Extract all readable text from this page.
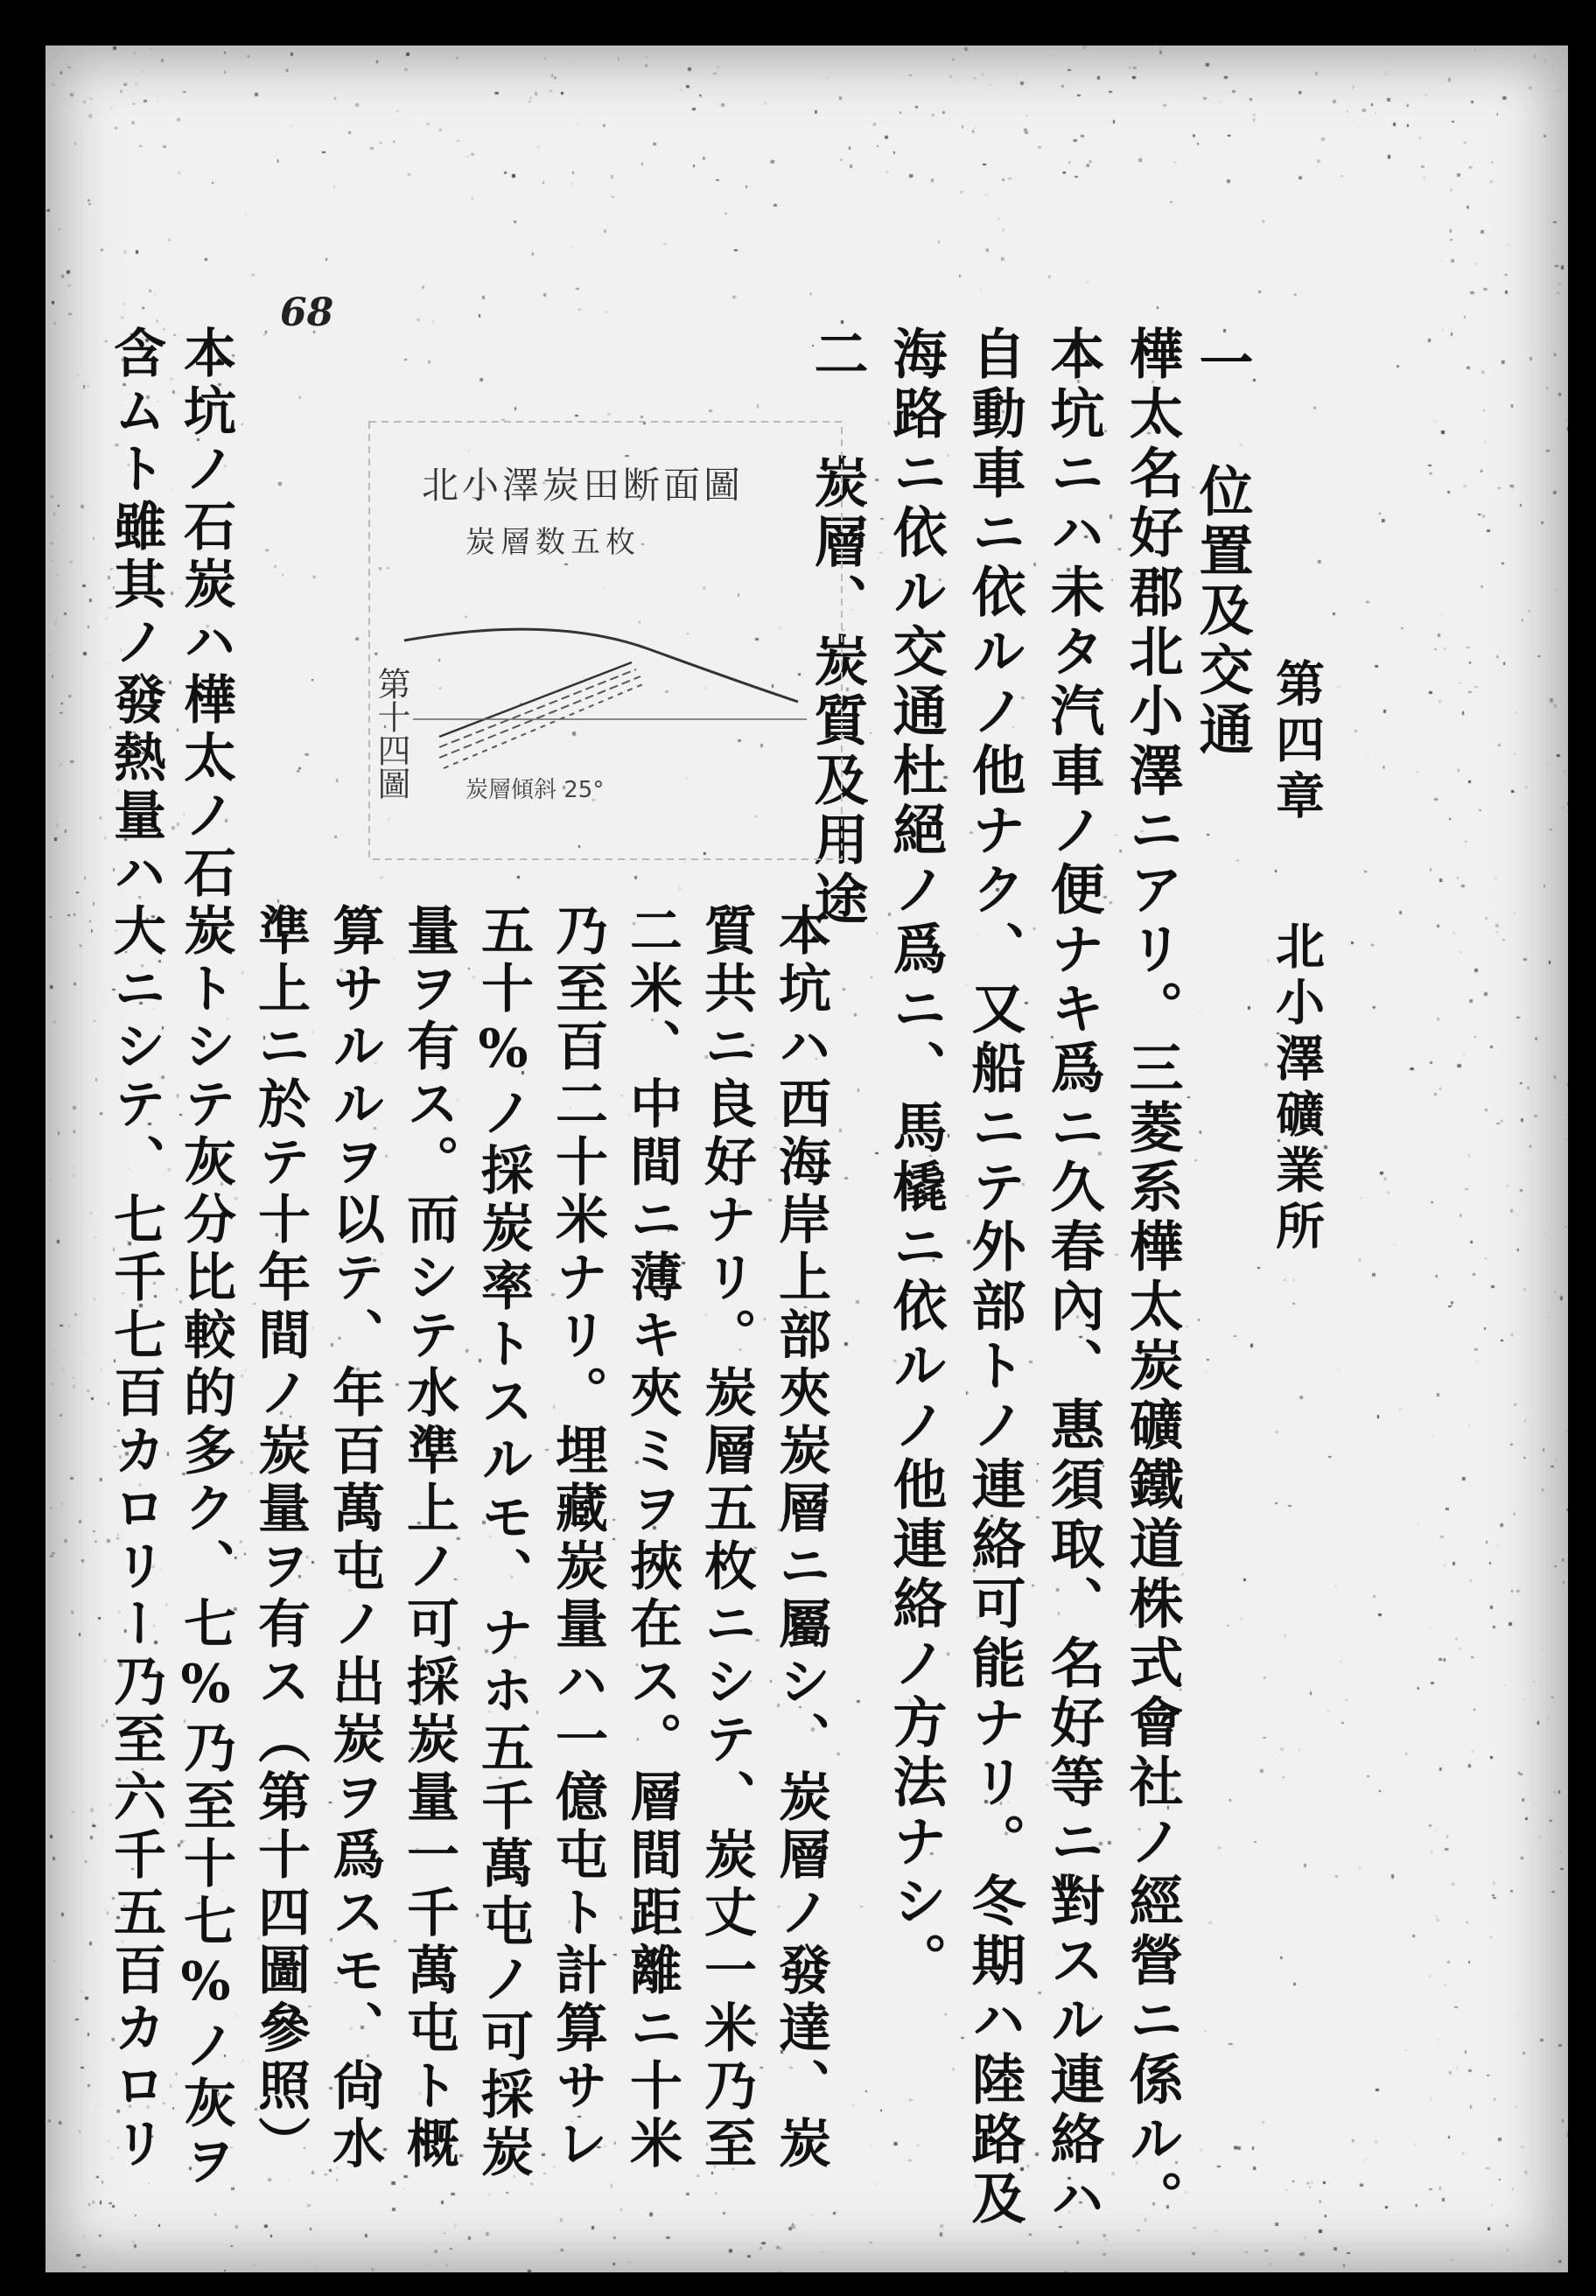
第四章
北小澤礦業所
一 位置及交通
樺太名好郡北小澤ニアリ。三菱系樺太炭礦鐵道株式會社ノ經營ニ係ル。
本坑ニハ未タ汽車ノ便ナキ爲ニ久春內、惠須取、名好等ニ對スル連絡ハ
自動車ニ依ルノ他ナク、又船ニテ外部トノ連絡可能ナリ。冬期ハ陸路及
海路ニ依ル交通杜絕ノ爲ニ、馬橇ニ依ルノ他連絡ノ方法ナシ。
二 炭層、炭質及用途
本坑ハ西海岸上部夾炭層ニ屬シ、炭層ノ發達、炭
質共ニ良好ナリ。炭層五枚ニシテ、炭丈一米乃至
二米、中間ニ薄キ夾ミヲ挾在ス。層間距離ニ十米
乃至百二十米ナリ。埋藏炭量ハ一億屯ト計算サレ
五十%ノ採炭率トスルモ、ナホ五千萬屯ノ可採炭
量ヲ有ス。而シテ水準上ノ可採炭量一千萬屯ト概
算サルルヲ以テ、年百萬屯ノ出炭ヲ爲スモ、尙水
準上ニ於テ十年間ノ炭量ヲ有ス（第十四圖參照）
本坑ノ石炭ハ樺太ノ石炭トシテ灰分比較的多ク、七%乃至十七%ノ灰ヲ
含ムト雖其ノ發熱量ハ大ニシテ、七千七百カロリー乃至六千五百カロリ
68
北小澤炭田断面圖
炭層数五枚
炭層傾斜 25°
第十四圖
